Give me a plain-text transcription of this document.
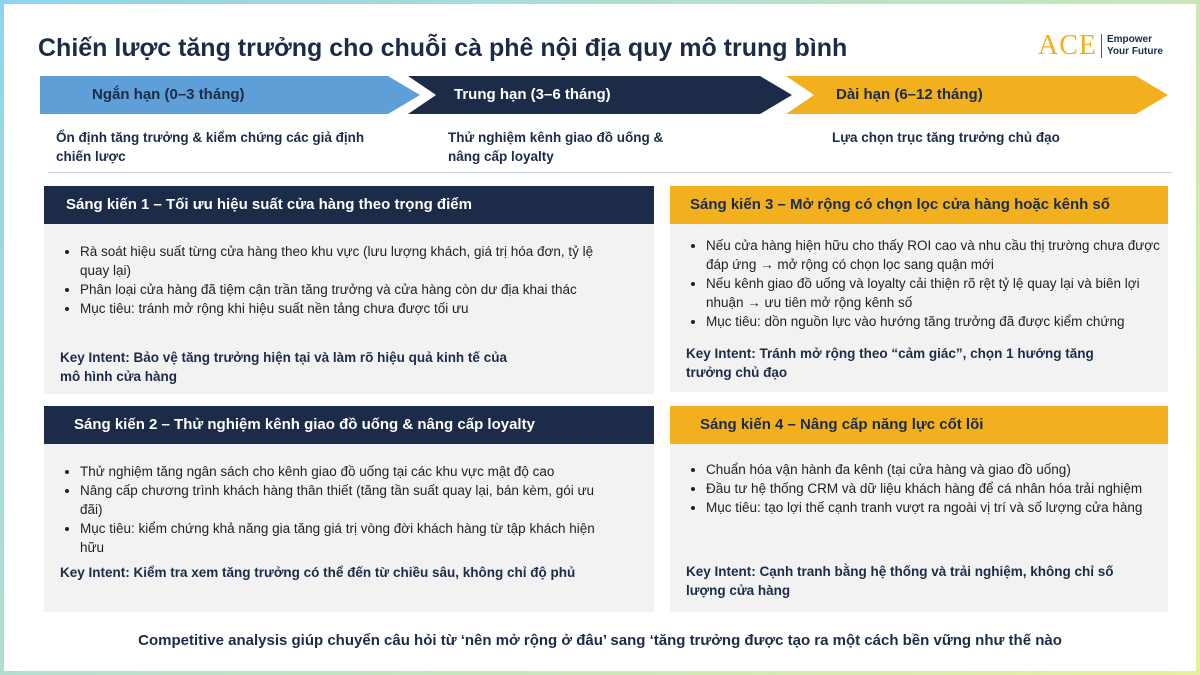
Chiến lược tăng trưởng cho chuỗi cà phê nội địa quy mô trung bình	ACE Empower
Your Future
Ngắn hạn (0–3 tháng)	Trung hạn (3–6 tháng)	Dài hạn (6–12 tháng)
Ổn định tăng trưởng & kiểm chứng các giả định chiến lược
Thử nghiệm kênh giao đồ uống & nâng cấp loyalty
Lựa chọn trục tăng trưởng chủ đạo
Sáng kiến 1 – Tối ưu hiệu suất cửa hàng theo trọng điểm
• Rà soát hiệu suất từng cửa hàng theo khu vực (lưu lượng khách, giá trị hóa đơn, tỷ lệ quay lại)
• Phân loại cửa hàng đã tiệm cận trần tăng trưởng và cửa hàng còn dư địa khai thác
• Mục tiêu: tránh mở rộng khi hiệu suất nền tảng chưa được tối ưu
Key Intent: Bảo vệ tăng trưởng hiện tại và làm rõ hiệu quả kinh tế của mô hình cửa hàng
Sáng kiến 2 – Thử nghiệm kênh giao đồ uống & nâng cấp loyalty
• Thử nghiệm tăng ngân sách cho kênh giao đồ uống tại các khu vực mật độ cao
• Nâng cấp chương trình khách hàng thân thiết (tăng tần suất quay lại, bán kèm, gói ưu đãi)
• Mục tiêu: kiểm chứng khả năng gia tăng giá trị vòng đời khách hàng từ tập khách hiện hữu
Key Intent: Kiểm tra xem tăng trưởng có thể đến từ chiều sâu, không chỉ độ phủ
Sáng kiến 3 – Mở rộng có chọn lọc cửa hàng hoặc kênh số
• Nếu cửa hàng hiện hữu cho thấy ROI cao và nhu cầu thị trường chưa được đáp ứng → mở rộng có chọn lọc sang quận mới
• Nếu kênh giao đồ uống và loyalty cải thiện rõ rệt tỷ lệ quay lại và biên lợi nhuận → ưu tiên mở rộng kênh số
• Mục tiêu: dồn nguồn lực vào hướng tăng trưởng đã được kiểm chứng
Key Intent: Tránh mở rộng theo “cảm giác”, chọn 1 hướng tăng trưởng chủ đạo
Sáng kiến 4 – Nâng cấp năng lực cốt lõi
• Chuẩn hóa vận hành đa kênh (tại cửa hàng và giao đồ uống)
• Đầu tư hệ thống CRM và dữ liệu khách hàng để cá nhân hóa trải nghiệm
• Mục tiêu: tạo lợi thế cạnh tranh vượt ra ngoài vị trí và số lượng cửa hàng
Key Intent: Cạnh tranh bằng hệ thống và trải nghiệm, không chỉ số lượng cửa hàng
Competitive analysis giúp chuyển câu hỏi từ ‘nên mở rộng ở đâu’ sang ‘tăng trưởng được tạo ra một cách bền vững như thế nào
